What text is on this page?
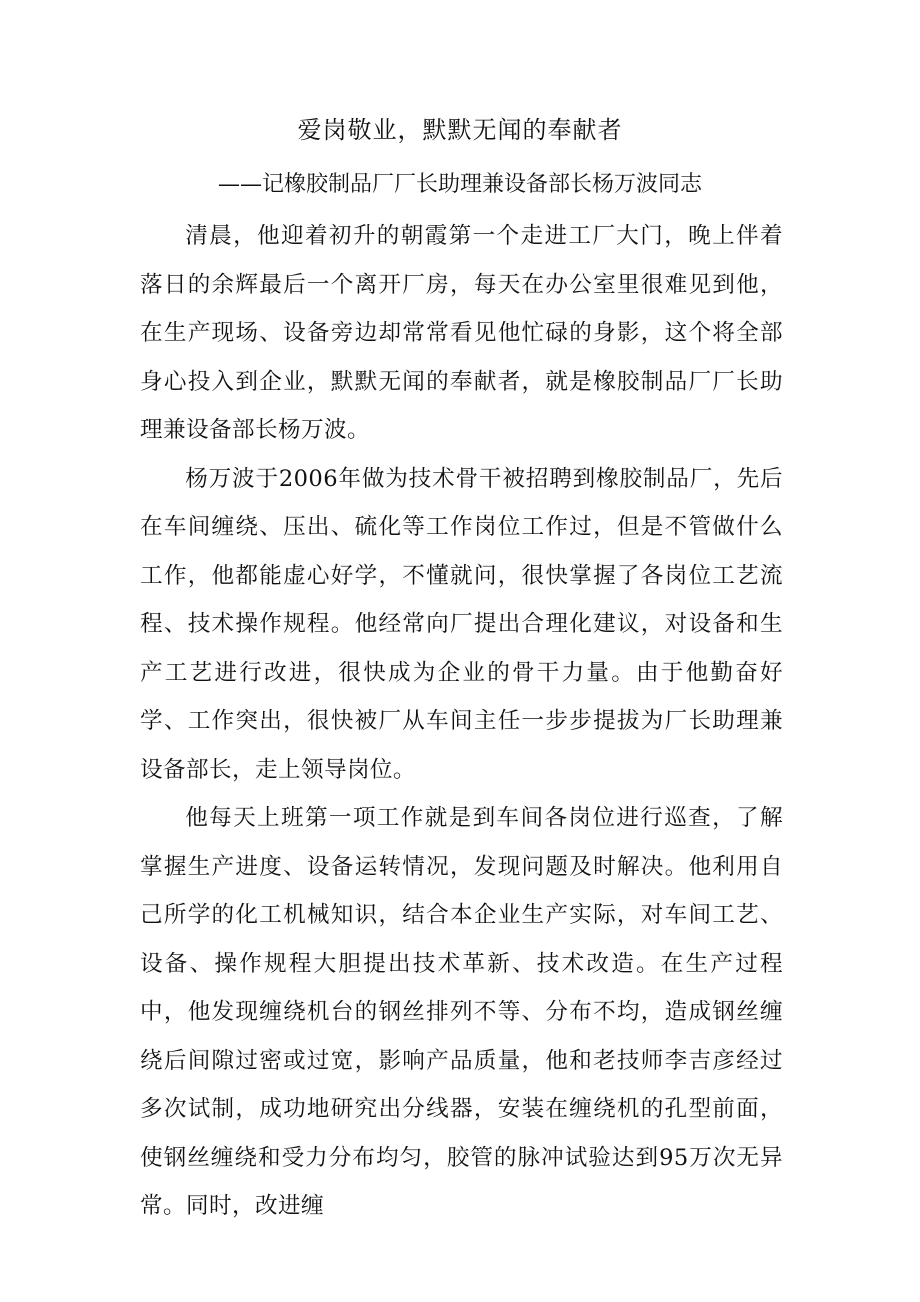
爱岗敬业，默默无闻的奉献者
——记橡胶制品厂厂长助理兼设备部长杨万波同志

清晨，他迎着初升的朝霞第一个走进工厂大门，晚上伴着落日的余辉最后一个离开厂房，每天在办公室里很难见到他，在生产现场、设备旁边却常常看见他忙碌的身影，这个将全部身心投入到企业，默默无闻的奉献者，就是橡胶制品厂厂长助理兼设备部长杨万波。

杨万波于2006年做为技术骨干被招聘到橡胶制品厂，先后在车间缠绕、压出、硫化等工作岗位工作过，但是不管做什么工作，他都能虚心好学，不懂就问，很快掌握了各岗位工艺流程、技术操作规程。他经常向厂提出合理化建议，对设备和生产工艺进行改进，很快成为企业的骨干力量。由于他勤奋好学、工作突出，很快被厂从车间主任一步步提拔为厂长助理兼设备部长，走上领导岗位。

他每天上班第一项工作就是到车间各岗位进行巡查，了解掌握生产进度、设备运转情况，发现问题及时解决。他利用自己所学的化工机械知识，结合本企业生产实际，对车间工艺、设备、操作规程大胆提出技术革新、技术改造。在生产过程中，他发现缠绕机台的钢丝排列不等、分布不均，造成钢丝缠绕后间隙过密或过宽，影响产品质量，他和老技师李吉彦经过多次试制，成功地研究出分线器，安装在缠绕机的孔型前面，使钢丝缠绕和受力分布均匀，胶管的脉冲试验达到95万次无异常。同时，改进缠
